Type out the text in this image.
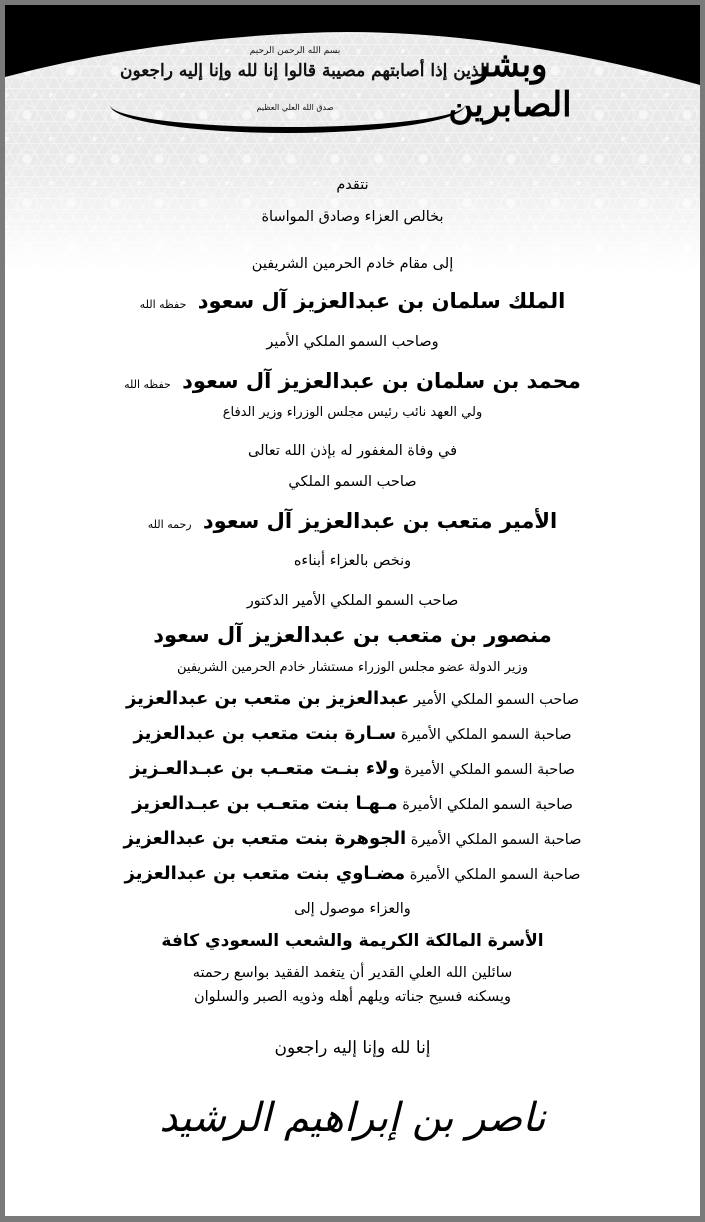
بسم الله الرحمن الرحيم
الذين إذا أصابتهم مصيبة قالوا إنا لله وإنا إليه راجعون
صدق الله العلي العظيم
وبشر الصابرين
نتقدم
بخالص العزاء وصادق المواساة
إلى مقام خادم الحرمين الشريفين
الملك سلمان بن عبدالعزيز آل سعود حفظه الله
وصاحب السمو الملكي الأمير
محمد بن سلمان بن عبدالعزيز آل سعود حفظه الله
ولي العهد نائب رئيس مجلس الوزراء وزير الدفاع
في وفاة المغفور له بإذن الله تعالى
صاحب السمو الملكي
الأمير متعب بن عبدالعزيز آل سعود رحمه الله
ونخص بالعزاء أبناءه
صاحب السمو الملكي الأمير الدكتور
منصور بن متعب بن عبدالعزيز آل سعود
وزير الدولة عضو مجلس الوزراء مستشار خادم الحرمين الشريفين
صاحب السمو الملكي الأمير عبدالعزيز بن متعب بن عبدالعزيز
صاحبة السمو الملكي الأميرة سـارة بنت متعب بن عبدالعزيز
صاحبة السمو الملكي الأميرة ولاء بنـت متعـب بن عبـدالعـزيز
صاحبة السمو الملكي الأميرة مـهـا بنت متعـب بن عبـدالعزيز
صاحبة السمو الملكي الأميرة الجوهرة بنت متعب بن عبدالعزيز
صاحبة السمو الملكي الأميرة مضـاوي بنت متعب بن عبدالعزيز
والعزاء موصول إلى
الأسرة المالكة الكريمة والشعب السعودي كافة
سائلين الله العلي القدير أن يتغمد الفقيد بواسع رحمته
ويسكنه فسيح جناته ويلهم أهله وذويه الصبر والسلوان
إنا لله وإنا إليه راجعون
ناصر بن إبراهيم الرشيد
